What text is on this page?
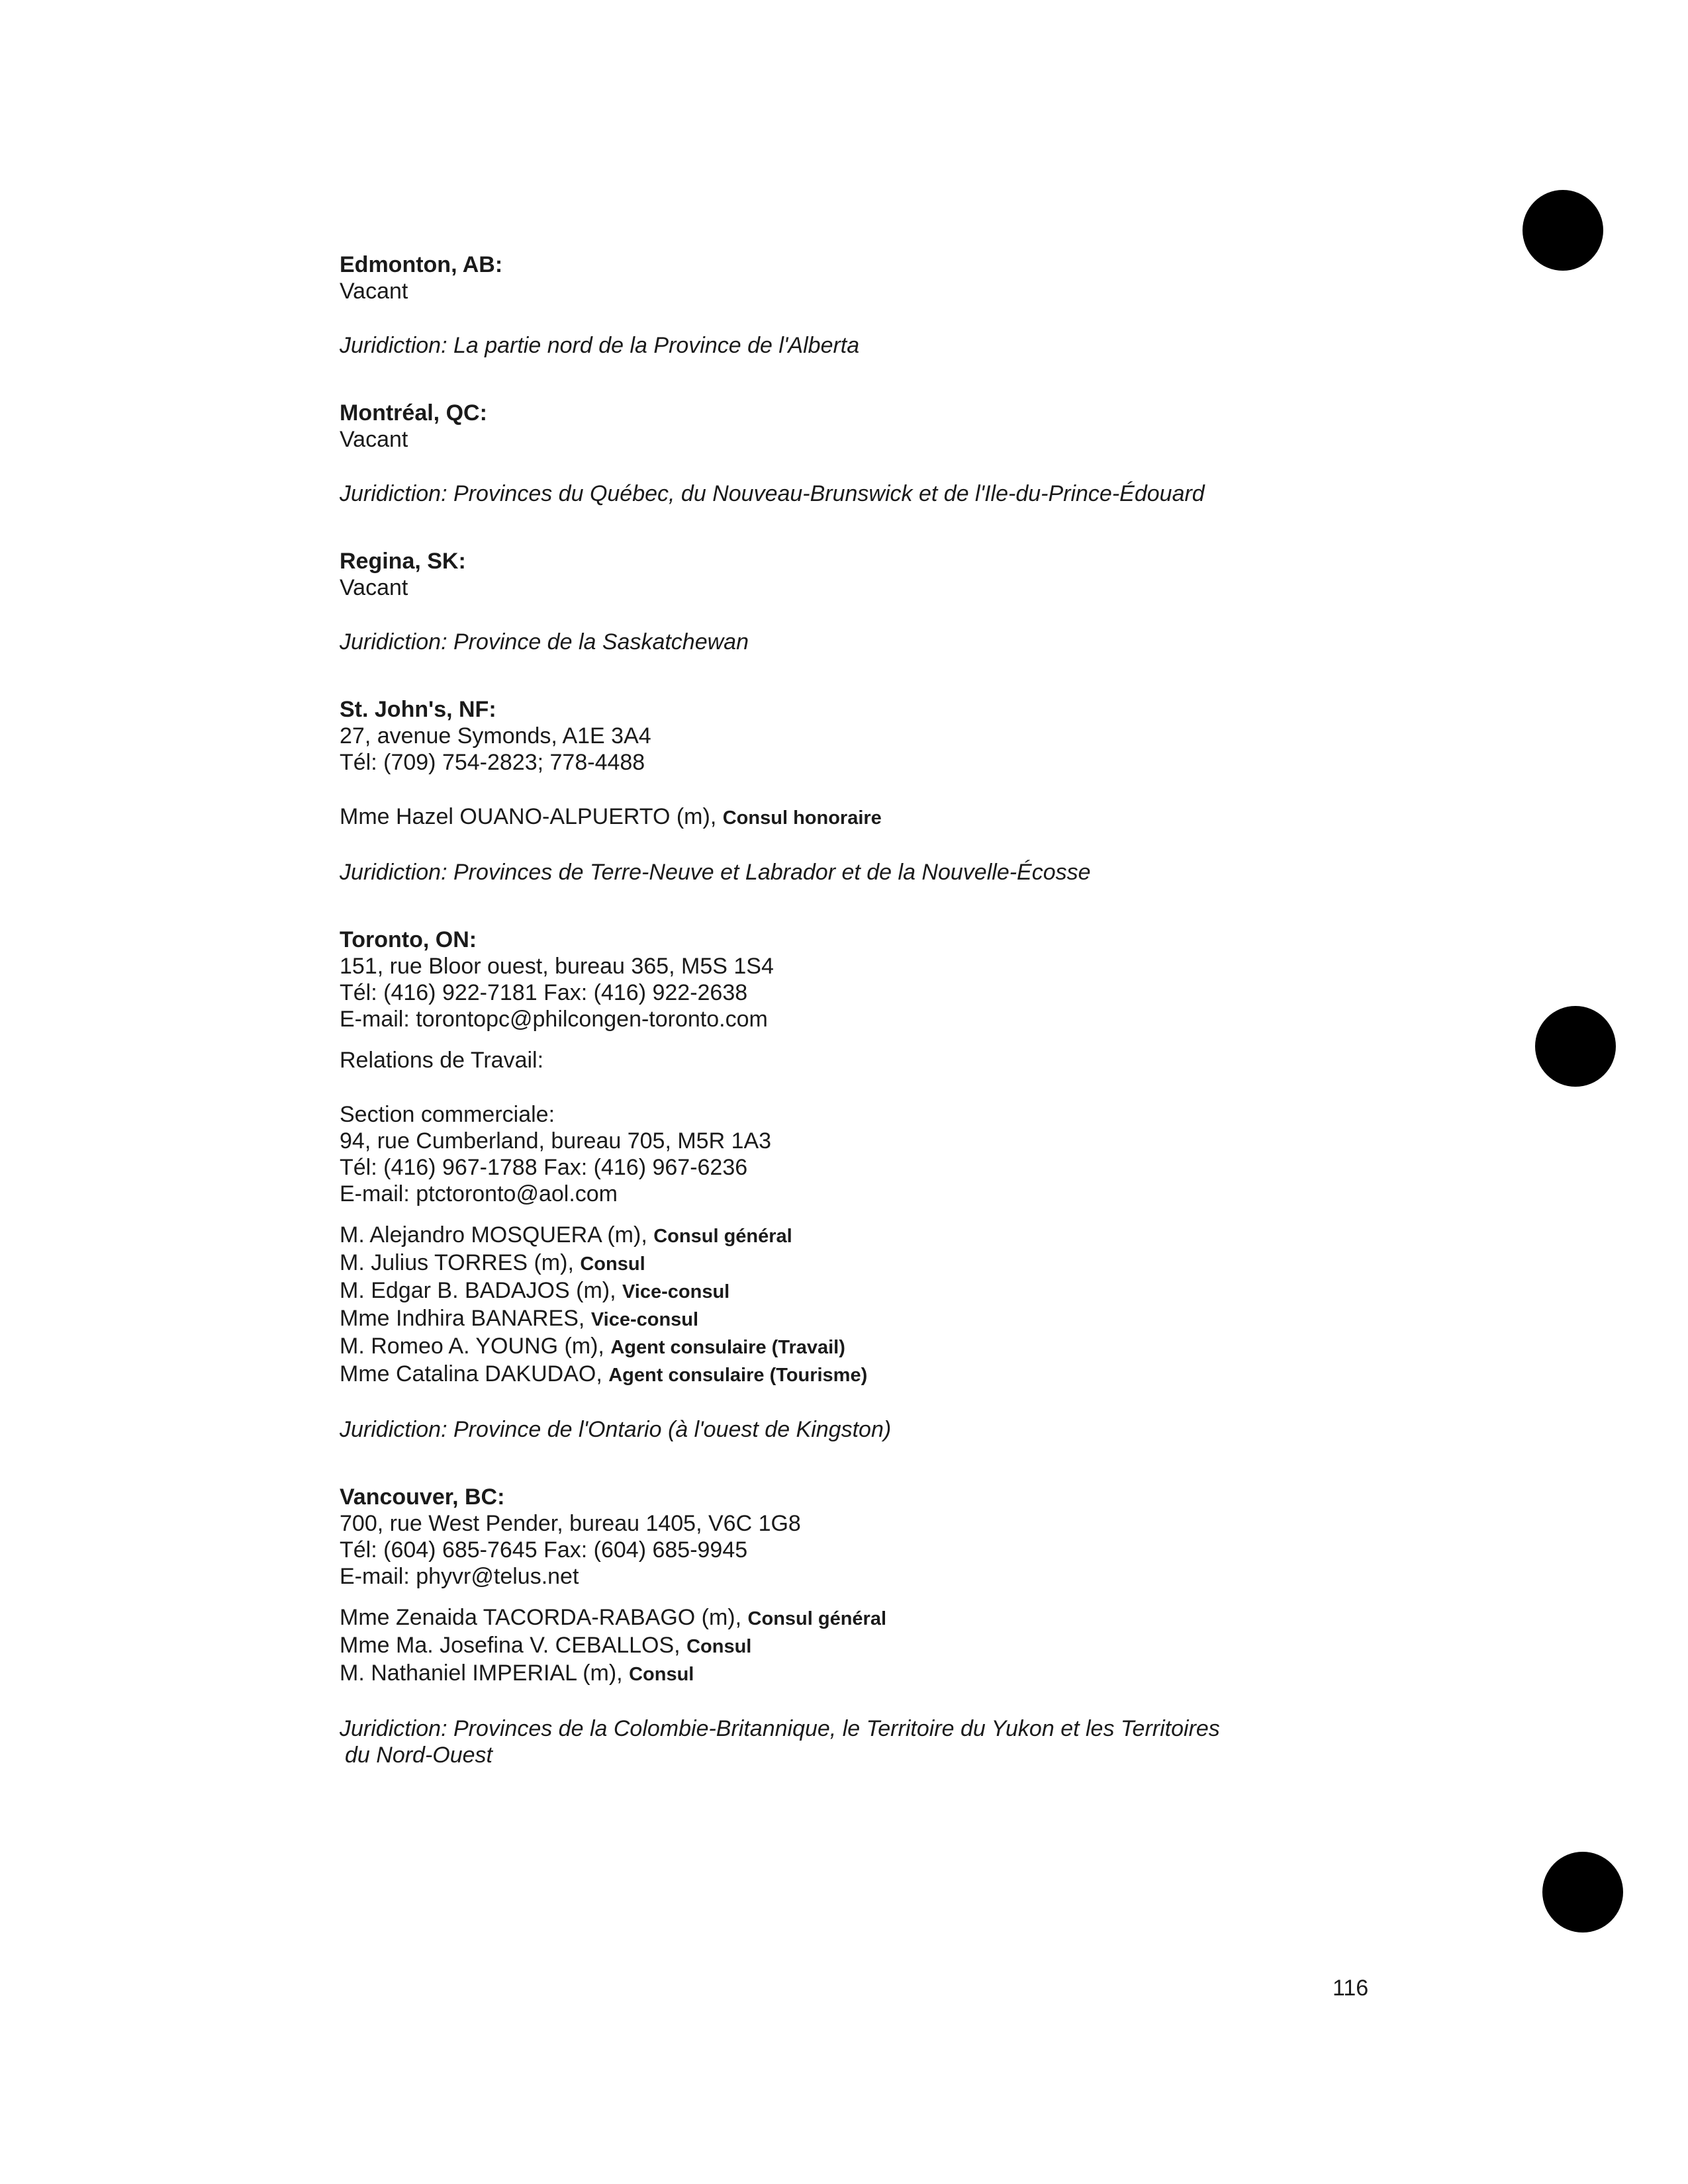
Edmonton, AB:
Vacant
Juridiction: La partie nord de la Province de l'Alberta
Montréal, QC:
Vacant
Juridiction: Provinces du Québec, du Nouveau-Brunswick et de l'Ile-du-Prince-Édouard
Regina, SK:
Vacant
Juridiction: Province de la Saskatchewan
St. John's, NF:
27, avenue Symonds, A1E 3A4
Tél: (709) 754-2823; 778-4488
Mme Hazel OUANO-ALPUERTO (m), Consul honoraire
Juridiction: Provinces de Terre-Neuve et Labrador et de la Nouvelle-Écosse
Toronto, ON:
151, rue Bloor ouest, bureau 365, M5S 1S4
Tél: (416) 922-7181 Fax: (416) 922-2638
E-mail: torontopc@philcongen-toronto.com
Relations de Travail:
Section commerciale:
94, rue Cumberland, bureau 705, M5R 1A3
Tél: (416) 967-1788 Fax: (416) 967-6236
E-mail: ptctoronto@aol.com
M. Alejandro MOSQUERA (m), Consul général
M. Julius TORRES (m), Consul
M. Edgar B. BADAJOS (m), Vice-consul
Mme Indhira BANARES, Vice-consul
M. Romeo A. YOUNG (m), Agent consulaire (Travail)
Mme Catalina DAKUDAO, Agent consulaire (Tourisme)
Juridiction: Province de l'Ontario (à l'ouest de Kingston)
Vancouver, BC:
700, rue West Pender, bureau 1405, V6C 1G8
Tél: (604) 685-7645 Fax: (604) 685-9945
E-mail: phyvr@telus.net
Mme Zenaida TACORDA-RABAGO (m), Consul général
Mme Ma. Josefina V. CEBALLOS, Consul
M. Nathaniel IMPERIAL (m), Consul
Juridiction: Provinces de la Colombie-Britannique, le Territoire du Yukon et les Territoires
du Nord-Ouest
116
